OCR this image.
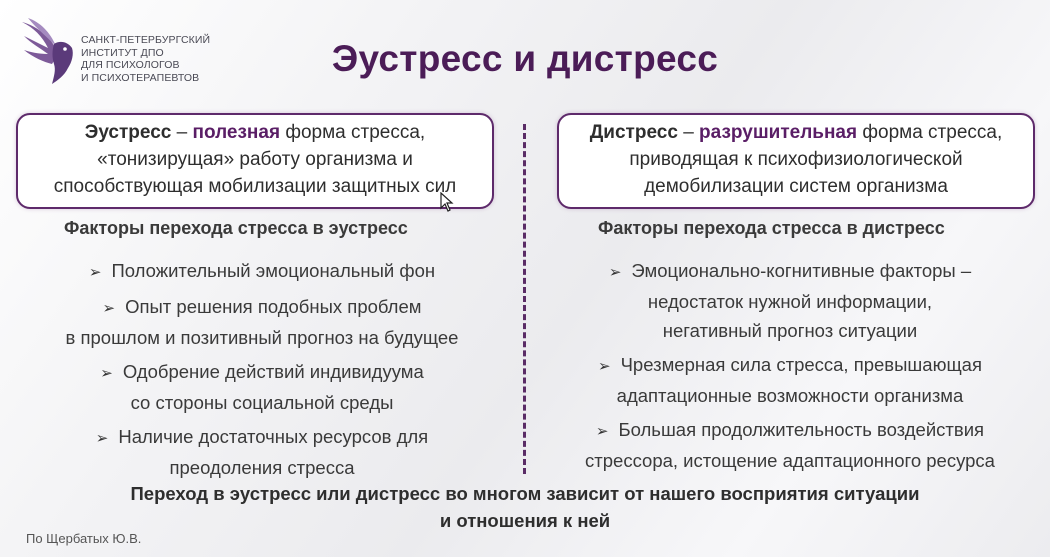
САНКТ-ПЕТЕРБУРГСКИЙ
ИНСТИТУТ ДПО
ДЛЯ ПСИХОЛОГОВ
И ПСИХОТЕРАПЕВТОВ	Эустресс и дистресс
Эустресс – полезная форма стресса,
«тонизирущая» работу организма и
способствующая мобилизации защитных сил
Дистресс – разрушительная форма стресса,
приводящая к психофизиологической
демобилизации систем организма
Факторы перехода стресса в эустресс	Факторы перехода стресса в дистресс
➢ Положительный эмоциональный фон
➢ Опыт решения подобных проблем
в прошлом и позитивный прогноз на будущее
➢ Одобрение действий индивидуума
со стороны социальной среды
➢ Наличие достаточных ресурсов для
преодоления стресса
➢ Эмоционально-когнитивные факторы –
недостаток нужной информации,
негативный прогноз ситуации
➢ Чрезмерная сила стресса, превышающая
адаптационные возможности организма
➢ Большая продолжительность воздействия
стрессора, истощение адаптационного ресурса
Переход в эустресс или дистресс во многом зависит от нашего восприятия ситуации
и отношения к ней
По Щербатых Ю.В.
